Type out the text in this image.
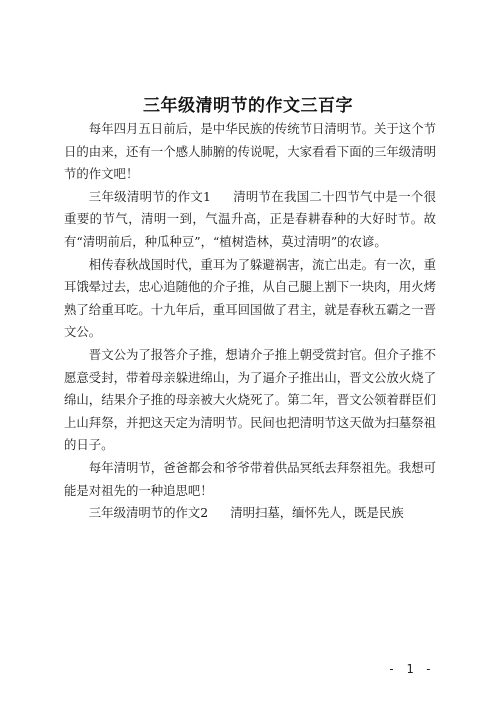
三年级清明节的作文三百字

每年四月五日前后，是中华民族的传统节日清明节。关于这个节日的由来，还有一个感人肺腑的传说呢，大家看看下面的三年级清明节的作文吧！

三年级清明节的作文1 清明节在我国二十四节气中是一个很重要的节气，清明一到，气温升高，正是春耕春种的大好时节。故有“清明前后，种瓜种豆”，“植树造林，莫过清明”的农谚。

相传春秋战国时代，重耳为了躲避祸害，流亡出走。有一次，重耳饿晕过去，忠心追随他的介子推，从自己腿上割下一块肉，用火烤熟了给重耳吃。十九年后，重耳回国做了君主，就是春秋五霸之一晋文公。

晋文公为了报答介子推，想请介子推上朝受赏封官。但介子推不愿意受封，带着母亲躲进绵山，为了逼介子推出山，晋文公放火烧了绵山，结果介子推的母亲被大火烧死了。第二年，晋文公领着群臣们上山拜祭，并把这天定为清明节。民间也把清明节这天做为扫墓祭祖的日子。

每年清明节，爸爸都会和爷爷带着供品冥纸去拜祭祖先。我想可能是对祖先的一种追思吧！

三年级清明节的作文2 清明扫墓，缅怀先人，既是民族

- 1 -
